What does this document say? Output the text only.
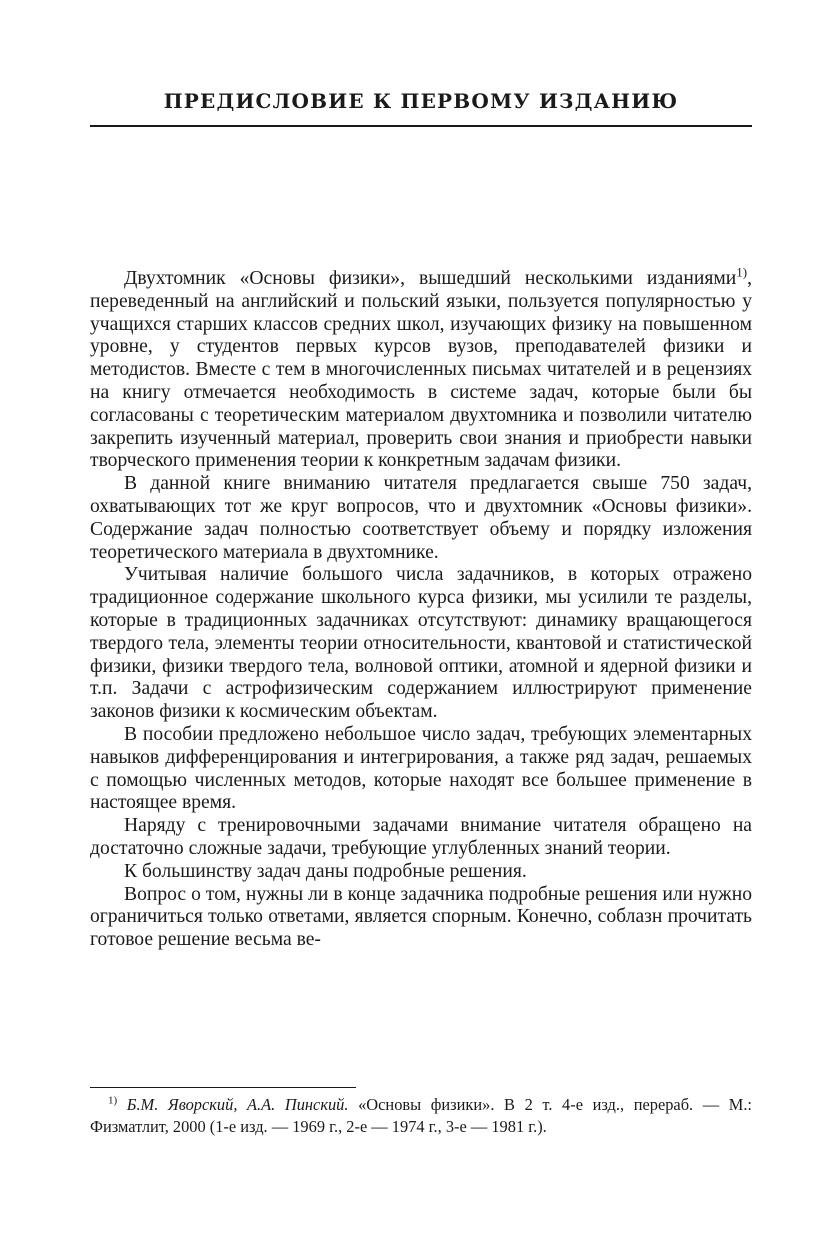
ПРЕДИСЛОВИЕ К ПЕРВОМУ ИЗДАНИЮ

Двухтомник «Основы физики», вышедший несколькими изданиями$^{1)}$, переведенный на английский и польский языки, пользуется популярностью у учащихся старших классов средних школ, изучающих физику на повышенном уровне, у студентов первых курсов вузов, преподавателей физики и методистов. Вместе с тем в многочисленных письмах читателей и в рецензиях на книгу отмечается необходимость в системе задач, которые были бы согласованы с теоретическим материалом двухтомника и позволили читателю закрепить изученный материал, проверить свои знания и приобрести навыки творческого применения теории к конкретным задачам физики.

В данной книге вниманию читателя предлагается свыше 750 задач, охватывающих тот же круг вопросов, что и двухтомник «Основы физики». Содержание задач полностью соответствует объему и порядку изложения теоретического материала в двухтомнике.

Учитывая наличие большого числа задачников, в которых отражено традиционное содержание школьного курса физики, мы усилили те разделы, которые в традиционных задачниках отсутствуют: динамику вращающегося твердого тела, элементы теории относительности, квантовой и статистической физики, физики твердого тела, волновой оптики, атомной и ядерной физики и т.п. Задачи с астрофизическим содержанием иллюстрируют применение законов физики к космическим объектам.

В пособии предложено небольшое число задач, требующих элементарных навыков дифференцирования и интегрирования, а также ряд задач, решаемых с помощью численных методов, которые находят все большее применение в настоящее время.

Наряду с тренировочными задачами внимание читателя обращено на достаточно сложные задачи, требующие углубленных знаний теории.

К большинству задач даны подробные решения.

Вопрос о том, нужны ли в конце задачника подробные решения или нужно ограничиться только ответами, является спорным. Конечно, соблазн прочитать готовое решение весьма ве-

$^{1)}$ Б.М. Яворский, А.А. Пинский. «Основы физики». В 2 т. 4-е изд., перераб. — М.: Физматлит, 2000 (1-е изд. — 1969 г., 2-е — 1974 г., 3-е — 1981 г.).
